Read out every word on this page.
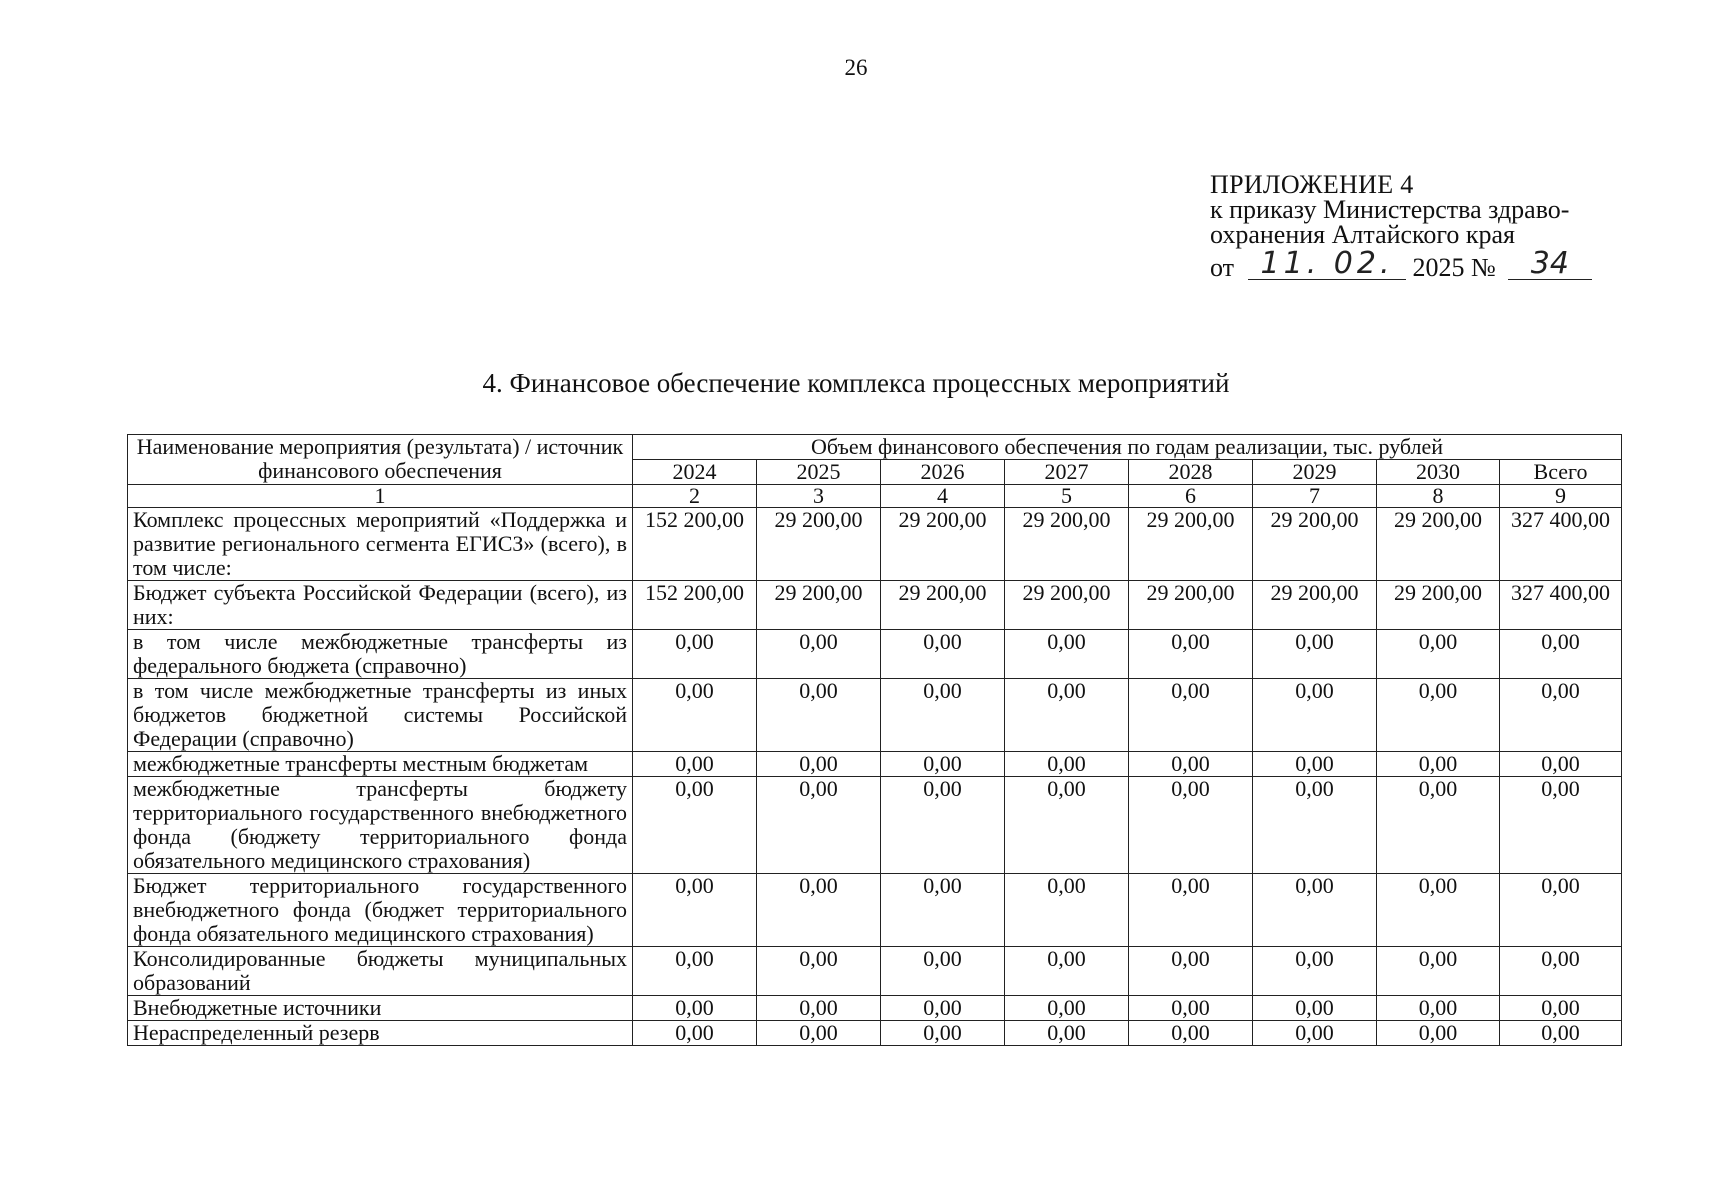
26
ПРИЛОЖЕНИЕ 4
к приказу Министерства здраво-
охранения Алтайского края
от 11. 02. 2025 № 34
4. Финансовое обеспечение комплекса процессных мероприятий
Наименование мероприятия (результата) / источник финансового обеспечения	Объем финансового обеспечения по годам реализации, тыс. рублей							
	2024	2025	2026	2027	2028	2029	2030	Всего
1	2	3	4	5	6	7	8	9
Комплекс процессных мероприятий «Поддержка и развитие регионального сегмента ЕГИСЗ» (всего), в том числе:	152 200,00	29 200,00	29 200,00	29 200,00	29 200,00	29 200,00	29 200,00	327 400,00
Бюджет субъекта Российской Федерации (всего), из них:	152 200,00	29 200,00	29 200,00	29 200,00	29 200,00	29 200,00	29 200,00	327 400,00
в том числе межбюджетные трансферты из федерального бюджета (справочно)	0,00	0,00	0,00	0,00	0,00	0,00	0,00	0,00
в том числе межбюджетные трансферты из иных бюджетов бюджетной системы Российской Федерации (справочно)	0,00	0,00	0,00	0,00	0,00	0,00	0,00	0,00
межбюджетные трансферты местным бюджетам	0,00	0,00	0,00	0,00	0,00	0,00	0,00	0,00
межбюджетные трансферты бюджету территориального государственного внебюджетного фонда (бюджету территориального фонда обязательного медицинского страхования)	0,00	0,00	0,00	0,00	0,00	0,00	0,00	0,00
Бюджет территориального государственного внебюджетного фонда (бюджет территориального фонда обязательного медицинского страхования)	0,00	0,00	0,00	0,00	0,00	0,00	0,00	0,00
Консолидированные бюджеты муниципальных образований	0,00	0,00	0,00	0,00	0,00	0,00	0,00	0,00
Внебюджетные источники	0,00	0,00	0,00	0,00	0,00	0,00	0,00	0,00
Нераспределенный резерв	0,00	0,00	0,00	0,00	0,00	0,00	0,00	0,00
